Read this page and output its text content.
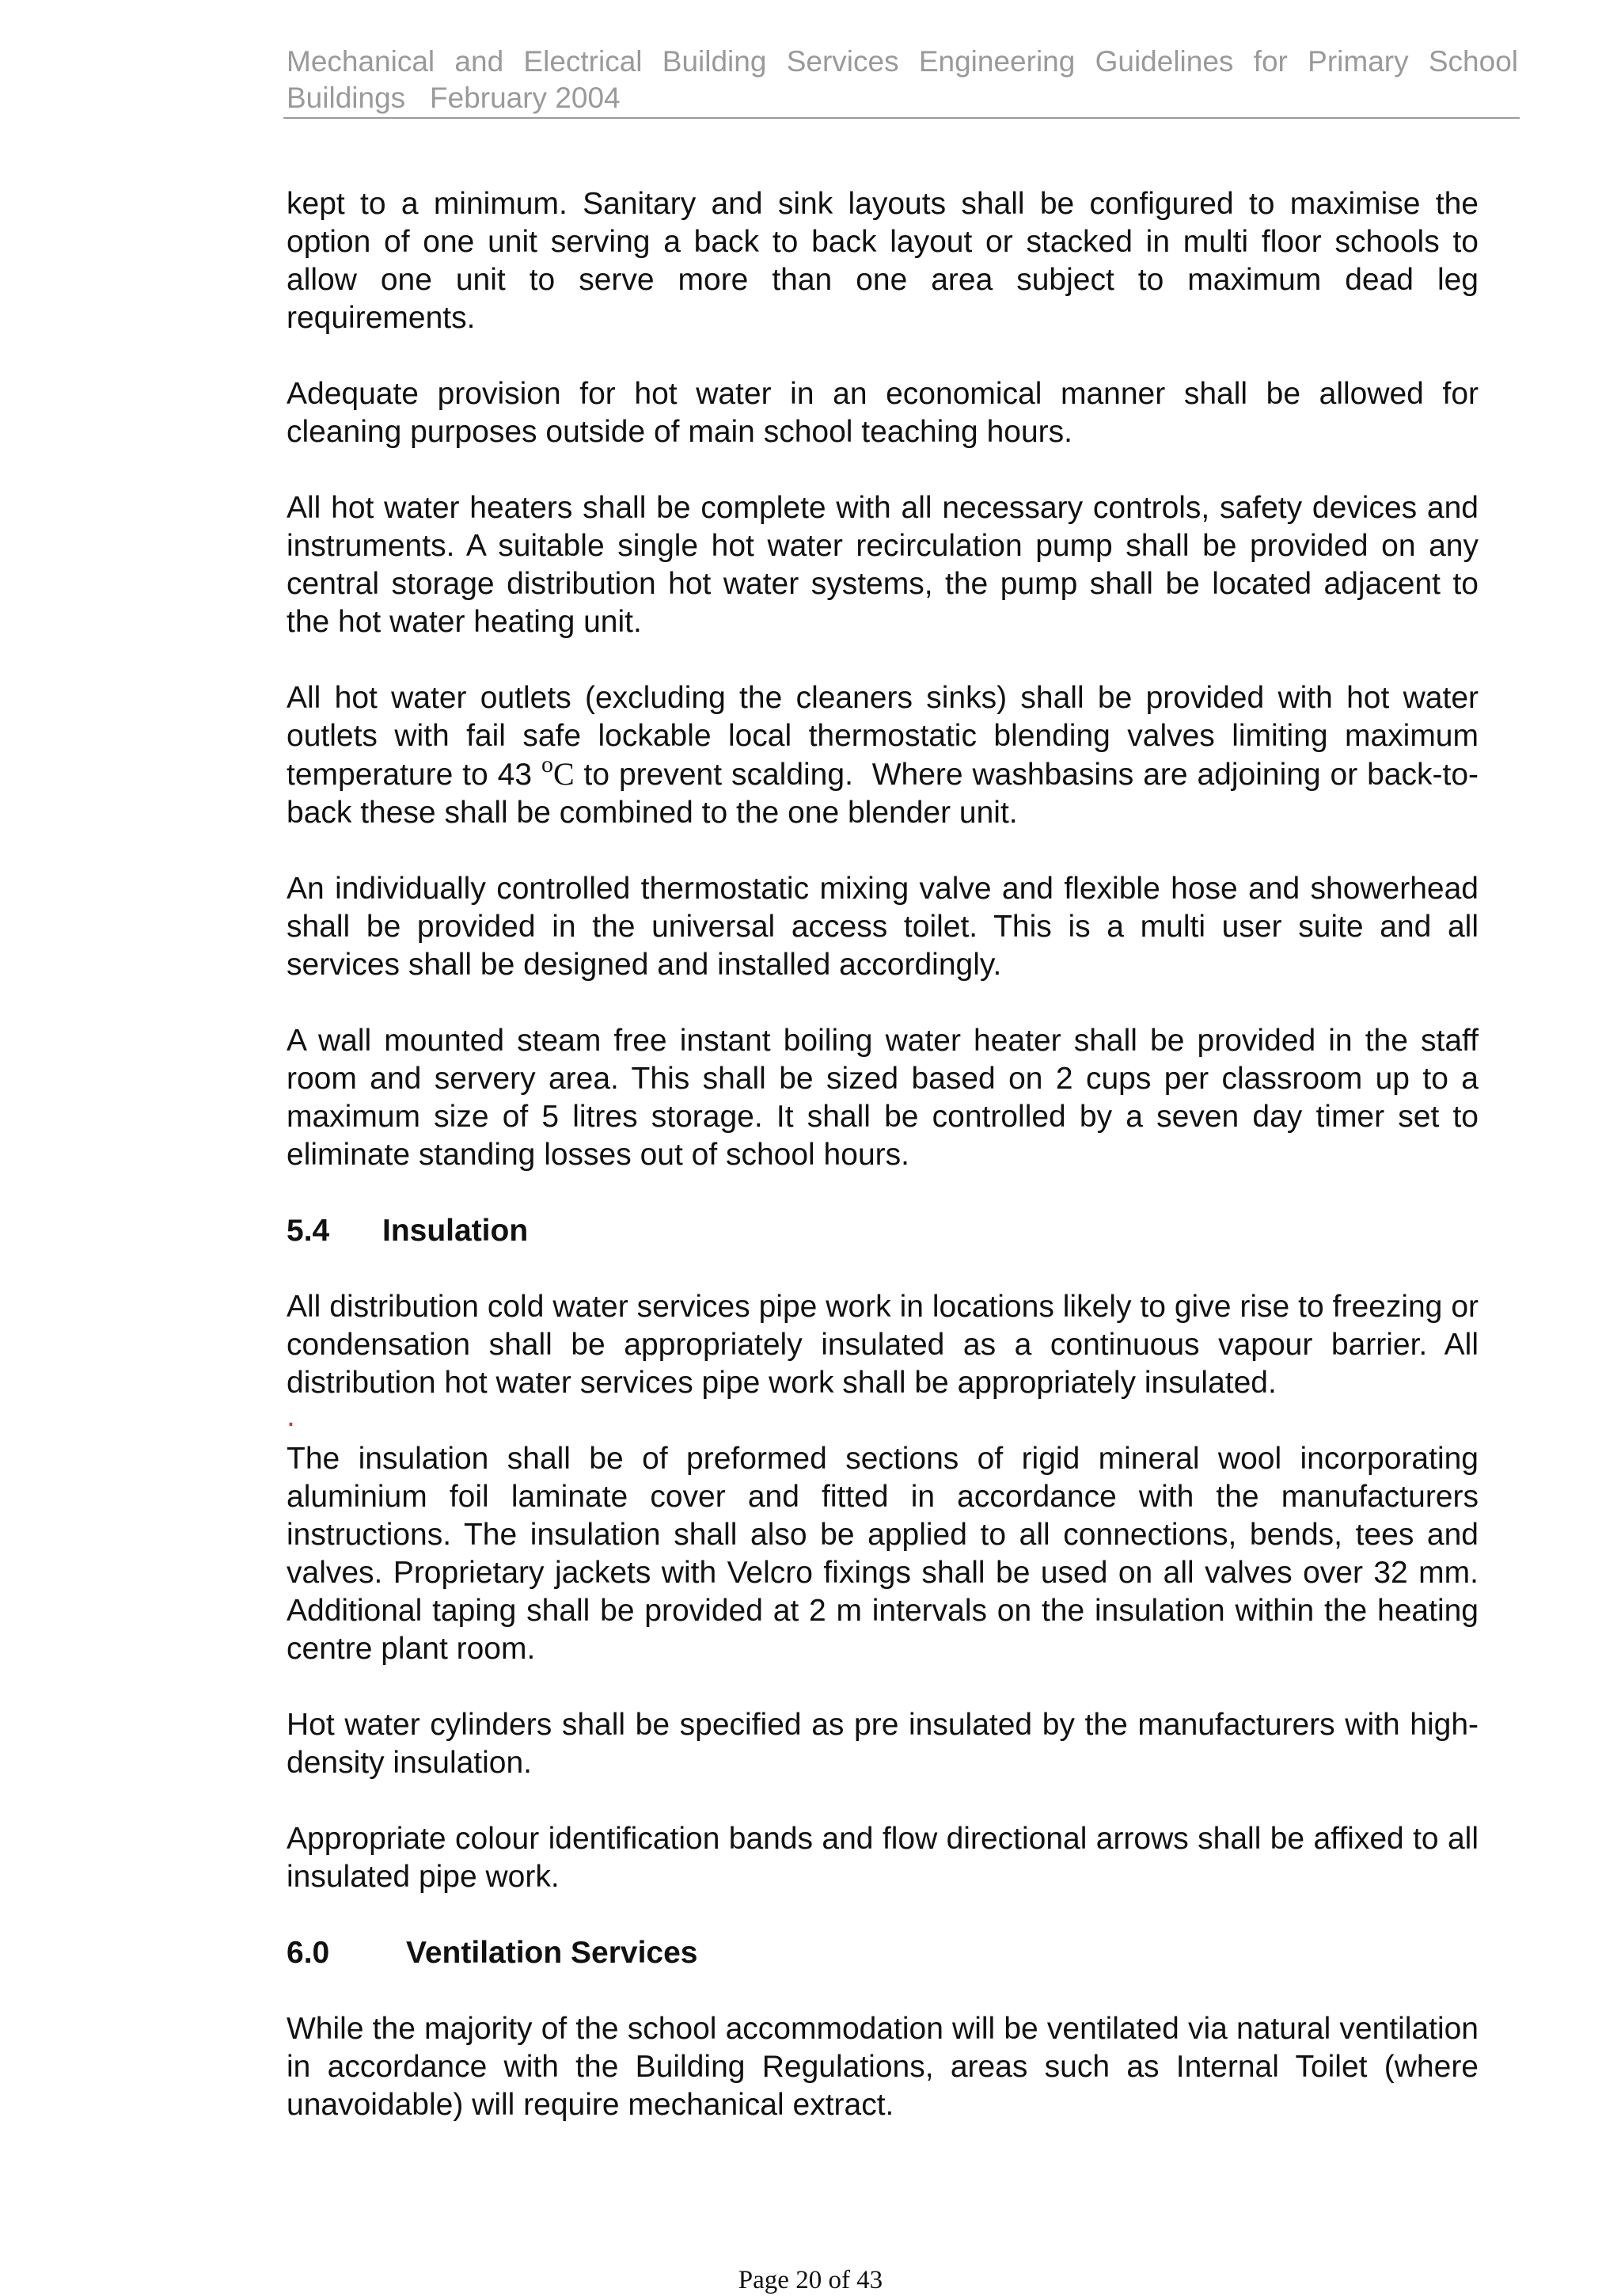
Mechanical and Electrical Building Services Engineering Guidelines for Primary School Buildings   February 2004

kept to a minimum. Sanitary and sink layouts shall be configured to maximise the option of one unit serving a back to back layout or stacked in multi floor schools to allow one unit to serve more than one area subject to maximum dead leg requirements.

Adequate provision for hot water in an economical manner shall be allowed for cleaning purposes outside of main school teaching hours.

All hot water heaters shall be complete with all necessary controls, safety devices and instruments. A suitable single hot water recirculation pump shall be provided on any central storage distribution hot water systems, the pump shall be located adjacent to the hot water heating unit.

All hot water outlets (excluding the cleaners sinks) shall be provided with hot water outlets with fail safe lockable local thermostatic blending valves limiting maximum temperature to 43 $^o$C to prevent scalding.  Where washbasins are adjoining or back-to-back these shall be combined to the one blender unit.

An individually controlled thermostatic mixing valve and flexible hose and showerhead shall be provided in the universal access toilet. This is a multi user suite and all services shall be designed and installed accordingly.

A wall mounted steam free instant boiling water heater shall be provided in the staff room and servery area. This shall be sized based on 2 cups per classroom up to a maximum size of 5 litres storage. It shall be controlled by a seven day timer set to eliminate standing losses out of school hours.

5.4 Insulation

All distribution cold water services pipe work in locations likely to give rise to freezing or condensation shall be appropriately insulated as a continuous vapour barrier. All distribution hot water services pipe work shall be appropriately insulated.

.

The insulation shall be of preformed sections of rigid mineral wool incorporating aluminium foil laminate cover and fitted in accordance with the manufacturers instructions. The insulation shall also be applied to all connections, bends, tees and valves. Proprietary jackets with Velcro fixings shall be used on all valves over 32 mm. Additional taping shall be provided at 2 m intervals on the insulation within the heating centre plant room.

Hot water cylinders shall be specified as pre insulated by the manufacturers with high-density insulation.

Appropriate colour identification bands and flow directional arrows shall be affixed to all insulated pipe work.

6.0 Ventilation Services

While the majority of the school accommodation will be ventilated via natural ventilation in accordance with the Building Regulations, areas such as Internal Toilet (where unavoidable) will require mechanical extract.

Page 20 of 43
